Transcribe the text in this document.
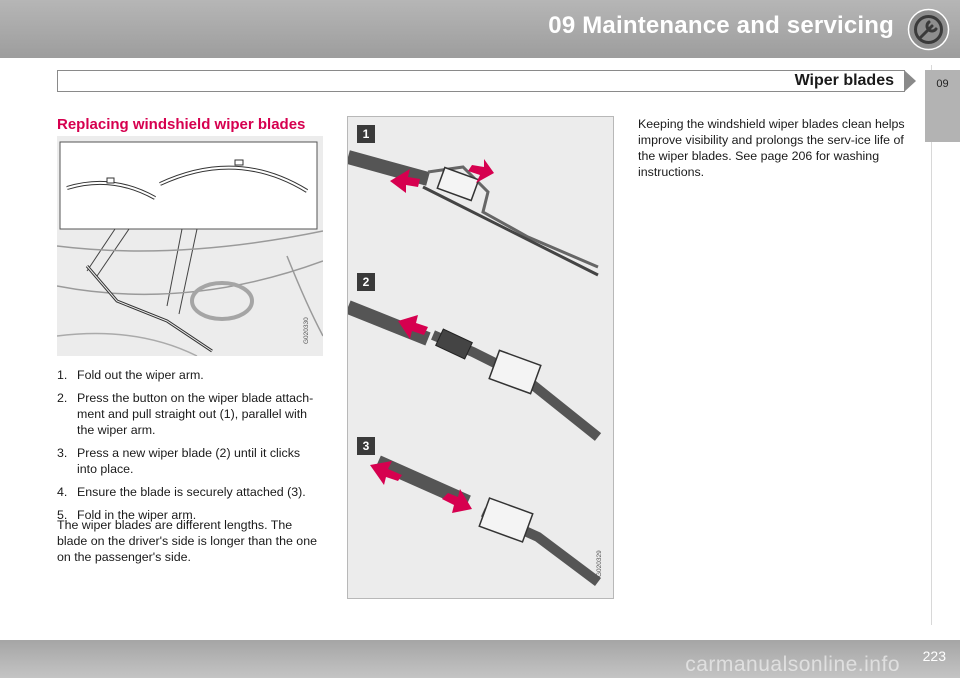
09 Maintenance and servicing
Wiper blades	09
Replacing windshield wiper blades
G020330
1. Fold out the wiper arm.
2. Press the button on the wiper blade attach-ment and pull straight out (1), parallel with the wiper arm.
3. Press a new wiper blade (2) until it clicks into place.
4. Ensure the blade is securely attached (3).
5. Fold in the wiper arm.
The wiper blades are different lengths. The blade on the driver's side is longer than the one on the passenger's side.
1
2
3
G020329
Keeping the windshield wiper blades clean helps improve visibility and prolongs the serv-ice life of the wiper blades. See page 206 for washing instructions.
carmanualsonline.info 223
